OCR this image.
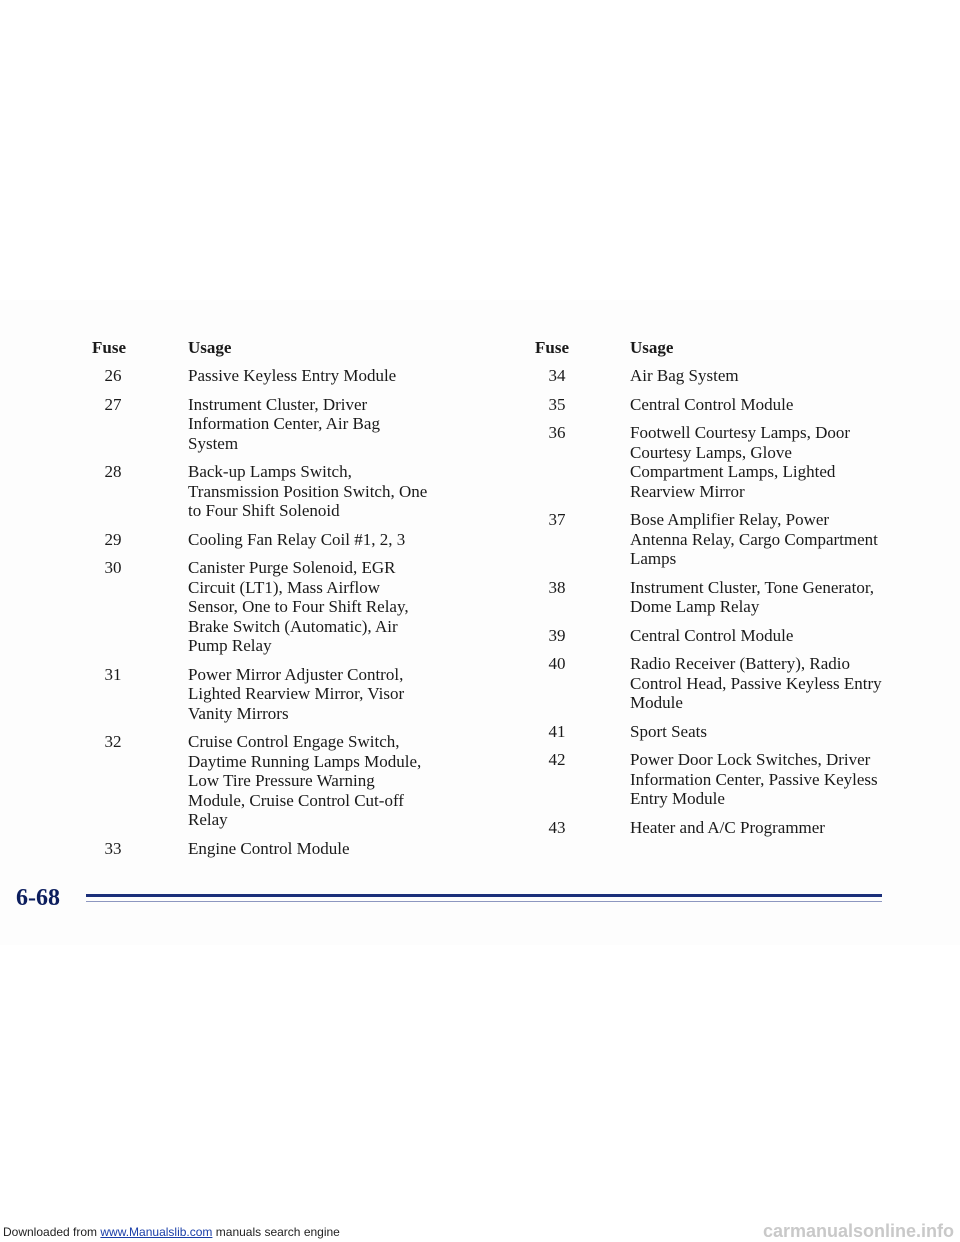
Fuse	Usage
26	Passive Keyless Entry Module
27	Instrument Cluster, Driver Information Center, Air Bag System
28	Back-up Lamps Switch, Transmission Position Switch, One to Four Shift Solenoid
29	Cooling Fan Relay Coil #1, 2, 3
30	Canister Purge Solenoid, EGR Circuit (LT1), Mass Airflow Sensor, One to Four Shift Relay, Brake Switch (Automatic), Air Pump Relay
31	Power Mirror Adjuster Control, Lighted Rearview Mirror, Visor Vanity Mirrors
32	Cruise Control Engage Switch, Daytime Running Lamps Module, Low Tire Pressure Warning Module, Cruise Control Cut-off Relay
33	Engine Control Module
Fuse	Usage
34	Air Bag System
35	Central Control Module
36	Footwell Courtesy Lamps, Door Courtesy Lamps, Glove Compartment Lamps, Lighted Rearview Mirror
37	Bose Amplifier Relay, Power Antenna Relay, Cargo Compartment Lamps
38	Instrument Cluster, Tone Generator, Dome Lamp Relay
39	Central Control Module
40	Radio Receiver (Battery), Radio Control Head, Passive Keyless Entry Module
41	Sport Seats
42	Power Door Lock Switches, Driver Information Center, Passive Keyless Entry Module
43	Heater and A/C Programmer
6-68
Downloaded from www.Manualslib.com manuals search engine	carmanualsonline.info
